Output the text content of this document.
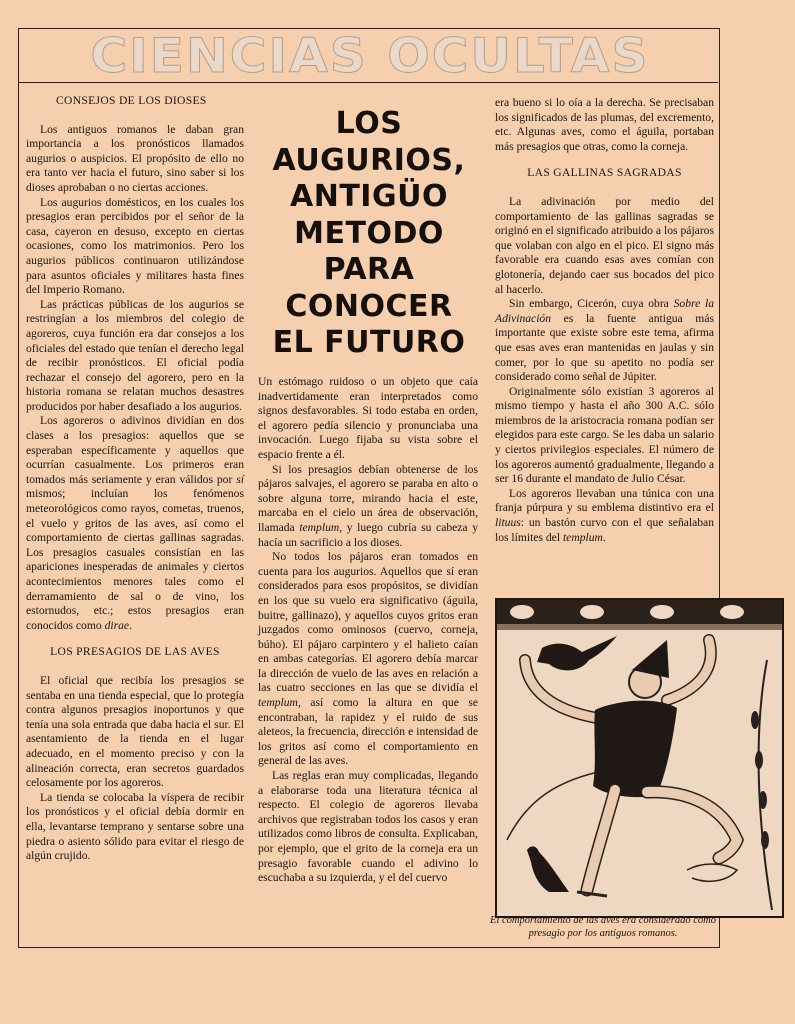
CIENCIAS OCULTAS
CONSEJOS DE LOS DIOSES

Los antiguos romanos le daban gran importancia a los pronósticos llamados augurios o auspicios. El propósito de ello no era tanto ver hacia el futuro, sino saber si los dioses aprobaban o no ciertas acciones.

Los augurios domésticos, en los cuales los presagios eran percibidos por el señor de la casa, cayeron en desuso, excepto en ciertas ocasiones, como los matrimonios. Pero los augurios públicos continuaron utilizándose para asuntos oficiales y militares hasta fines del Imperio Romano.

Las prácticas públicas de los augurios se restringían a los miembros del colegio de agoreros, cuya función era dar consejos a los oficiales del estado que tenían el derecho legal de recibir pronósticos. El oficial podía rechazar el consejo del agorero, pero en la historia romana se relatan muchos desastres producidos por haber desafiado a los augurios.

Los agoreros o adivinos dividían en dos clases a los presagios: aquellos que se esperaban específicamente y aquellos que ocurrían casualmente. Los primeros eran tomados más seriamente y eran válidos por sí mismos; incluían los fenómenos meteorológicos como rayos, cometas, truenos, el vuelo y gritos de las aves, así como el comportamiento de ciertas gallinas sagradas. Los presagios casuales consistían en las apariciones inesperadas de animales y ciertos acontecimientos menores tales como el derramamiento de sal o de vino, los estornudos, etc.; estos presagios eran conocidos como dirae.

LOS PRESAGIOS DE LAS AVES

El oficial que recibía los presagios se sentaba en una tienda especial, que lo protegía contra algunos presagios inoportunos y que tenía una sola entrada que daba hacia el sur. El asentamiento de la tienda en el lugar adecuado, en el momento preciso y con la alineación correcta, eran secretos guardados celosamente por los agoreros.

La tienda se colocaba la víspera de recibir los pronósticos y el oficial debía dormir en ella, levantarse temprano y sentarse sobre una piedra o asiento sólido para evitar el riesgo de algún crujido.

LOS
AUGURIOS,
ANTIGÜO
METODO
PARA
CONOCER
EL FUTURO

Un estómago ruidoso o un objeto que caía inadvertidamente eran interpretados como signos desfavorables. Si todo estaba en orden, el agorero pedía silencio y pronunciaba una invocación. Luego fijaba su vista sobre el espacio frente a él.

Si los presagios debían obtenerse de los pájaros salvajes, el agorero se paraba en alto o sobre alguna torre, mirando hacia el este, marcaba en el cielo un área de observación, llamada templum, y luego cubría su cabeza y hacía un sacrificio a los dioses.

No todos los pájaros eran tomados en cuenta para los augurios. Aquellos que sí eran considerados para esos propósitos, se dividían en los que su vuelo era significativo (águila, buitre, gallinazo), y aquellos cuyos gritos eran juzgados como ominosos (cuervo, corneja, búho). El pájaro carpintero y el halieto caían en ambas categorías. El agorero debía marcar la dirección de vuelo de las aves en relación a las cuatro secciones en las que se dividía el templum, así como la altura en que se encontraban, la rapidez y el ruido de sus aleteos, la frecuencia, dirección e intensidad de los gritos así como el comportamiento en general de las aves.

Las reglas eran muy complicadas, llegando a elaborarse toda una literatura técnica al respecto. El colegio de agoreros llevaba archivos que registraban todos los casos y eran utilizados como libros de consulta. Explicaban, por ejemplo, que el grito de la corneja era un presagio favorable cuando el adivino lo escuchaba a su izquierda, y el del cuervo

era bueno si lo oía a la derecha. Se precisaban los significados de las plumas, del excremento, etc. Algunas aves, como el águila, portaban más presagios que otras, como la corneja.

LAS GALLINAS SAGRADAS

La adivinación por medio del comportamiento de las gallinas sagradas se originó en el significado atribuido a los pájaros que volaban con algo en el pico. El signo más favorable era cuando esas aves comían con glotonería, dejando caer sus bocados del pico al hacerlo.

Sin embargo, Cicerón, cuya obra Sobre la Adivinación es la fuente antigua más importante que existe sobre este tema, afirma que esas aves eran mantenidas en jaulas y sin comer, por lo que su apetito no podía ser considerado como señal de Júpiter.

Originalmente sólo existían 3 agoreros al mismo tiempo y hasta el año 300 A.C. sólo miembros de la aristocracia romana podían ser elegidos para este cargo. Se les daba un salario y ciertos privilegios especiales. El número de los agoreros aumentó gradualmente, llegando a ser 16 durante el mandato de Julio César.

Los agoreros llevaban una túnica con una franja púrpura y su emblema distintivo era el lituus: un bastón curvo con el que señalaban los límites del templum.

El comportamiento de las aves era considerado como presagio por los antiguos romanos.
